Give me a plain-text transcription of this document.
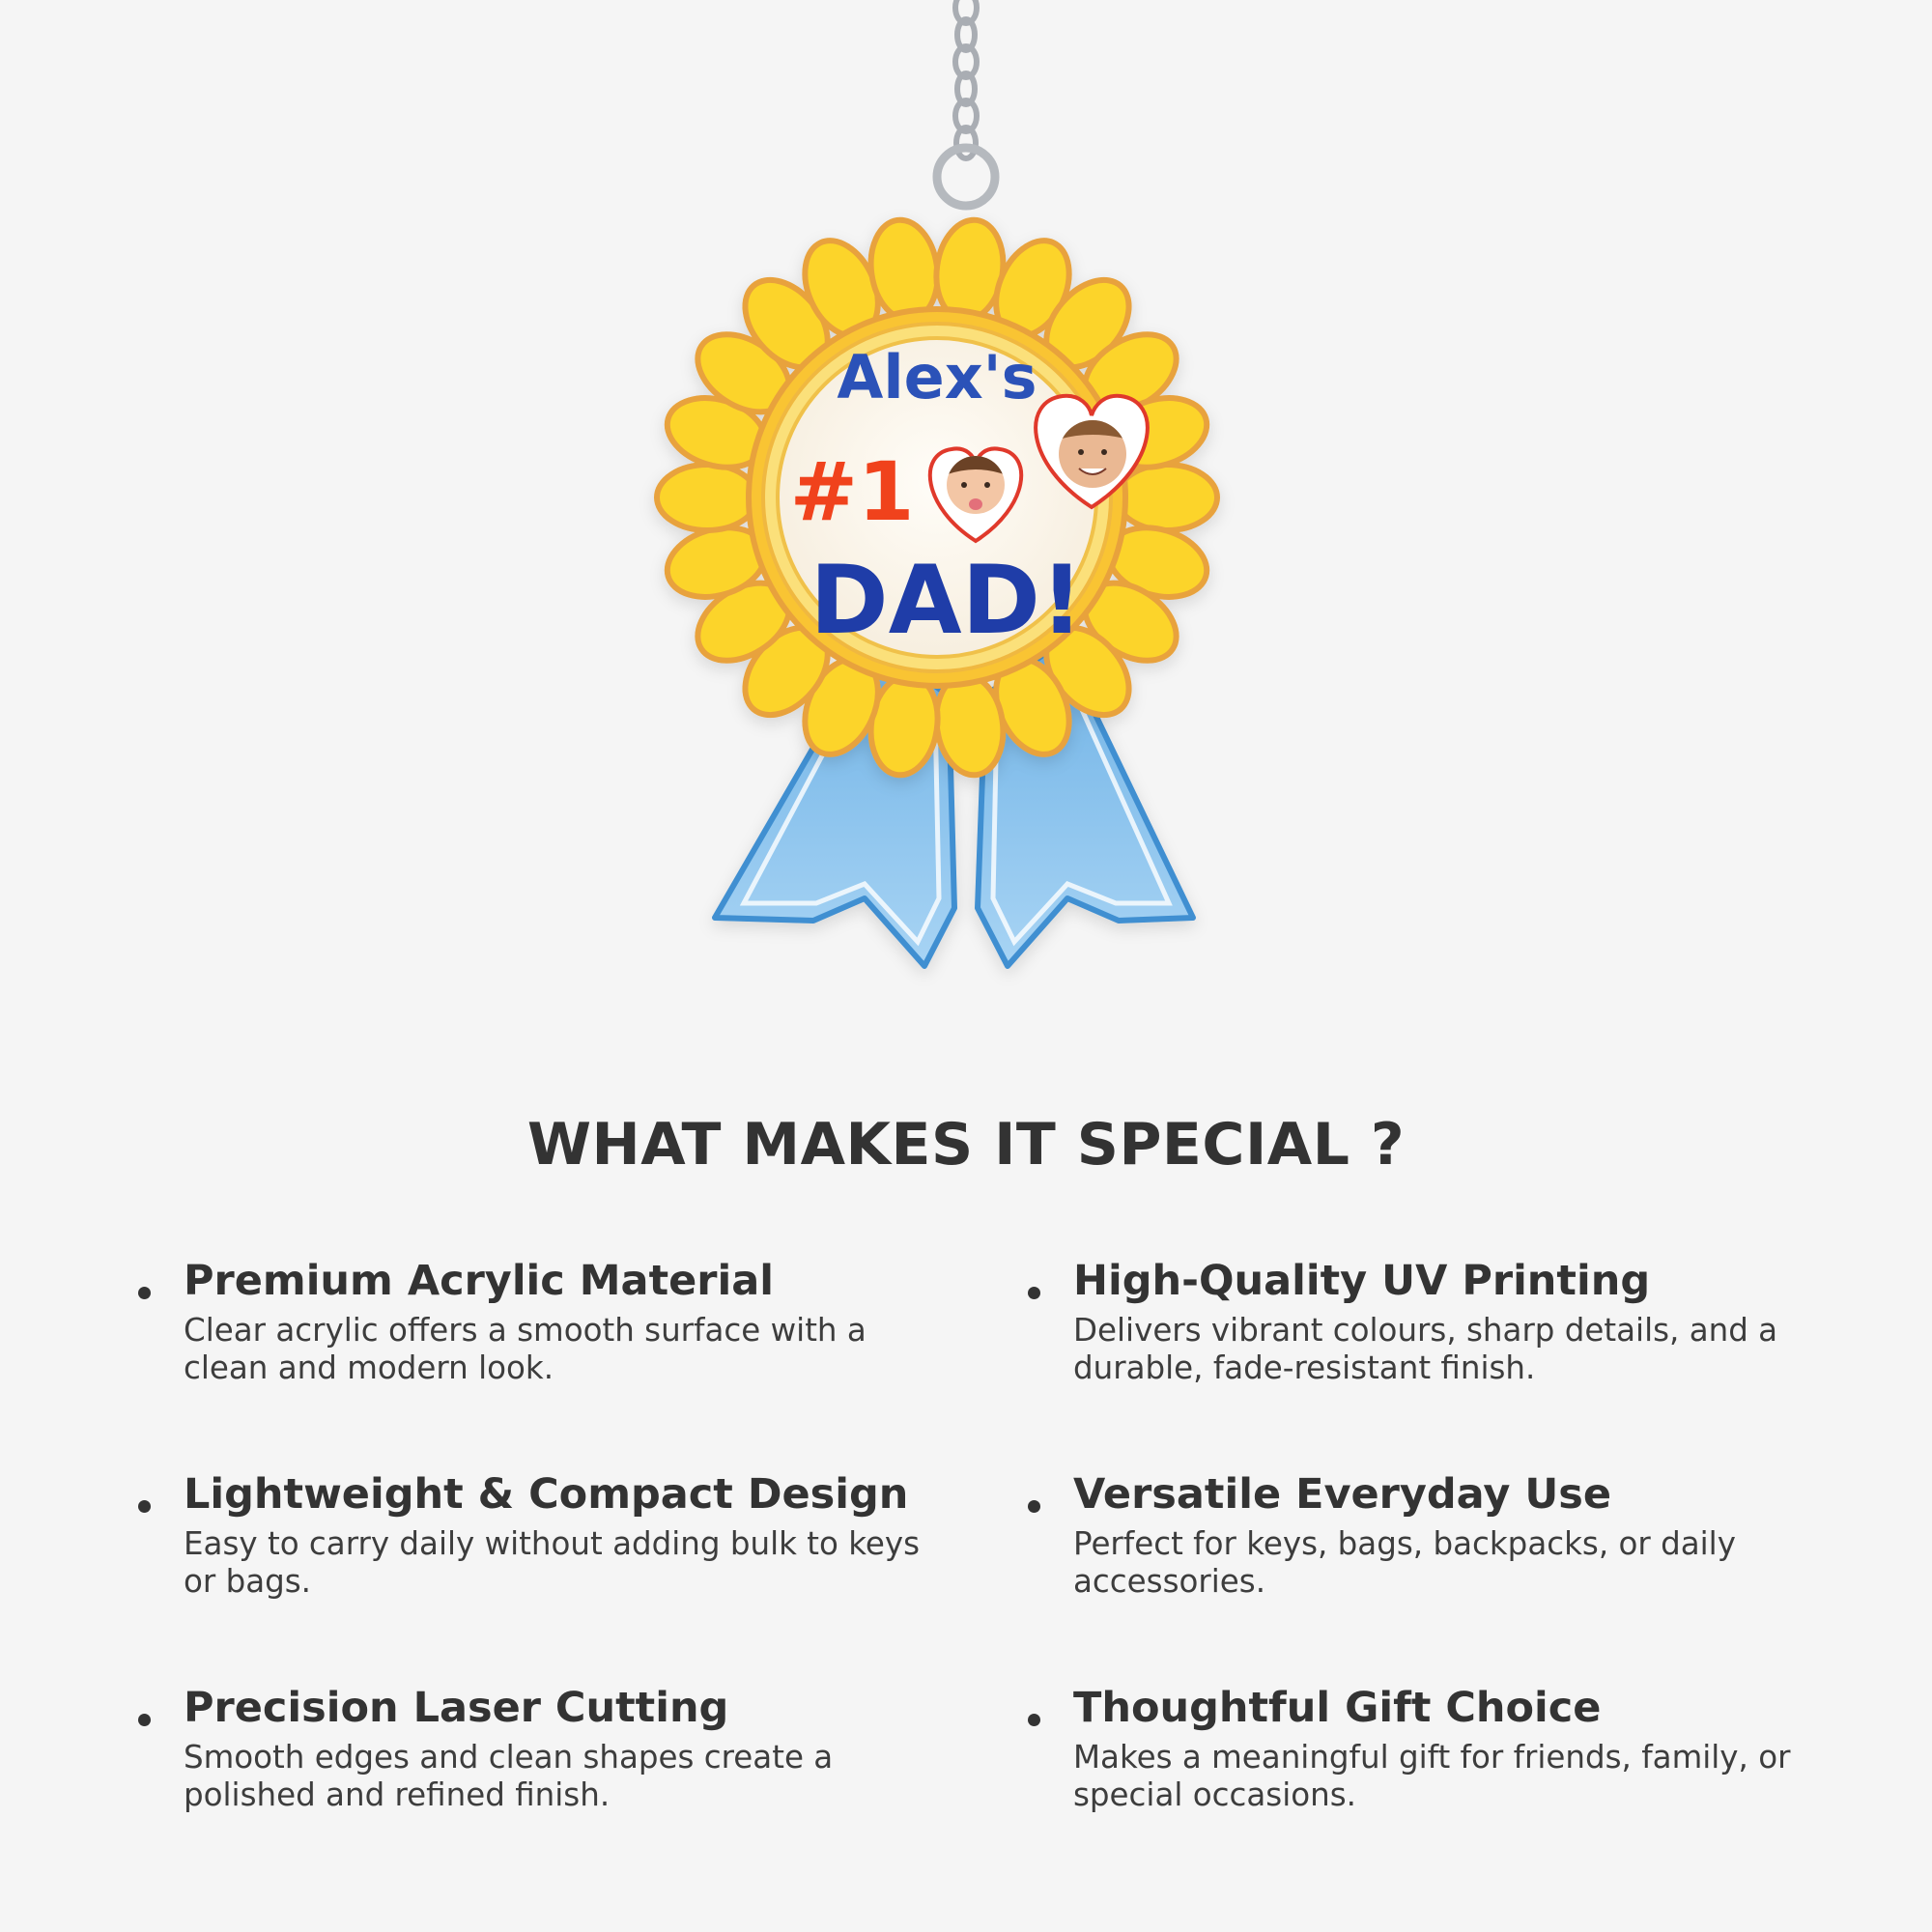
Alex's
#1
DAD!
WHAT MAKES IT SPECIAL ?

Premium Acrylic Material

Clear acrylic offers a smooth surface with a clean and modern look.

High-Quality UV Printing

Delivers vibrant colours, sharp details, and a durable, fade-resistant finish.

Lightweight & Compact Design

Easy to carry daily without adding bulk to keys or bags.

Versatile Everyday Use

Perfect for keys, bags, backpacks, or daily accessories.

Precision Laser Cutting

Smooth edges and clean shapes create a polished and refined finish.

Thoughtful Gift Choice

Makes a meaningful gift for friends, family, or special occasions.
